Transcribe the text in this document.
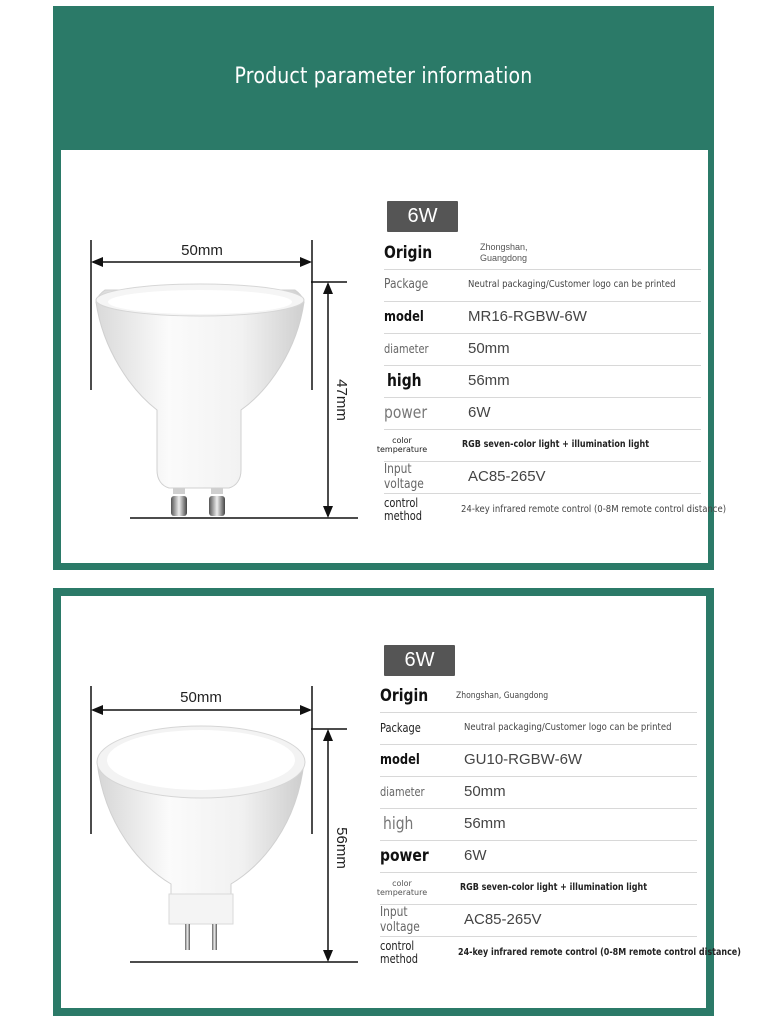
Product parameter information
50mm
47mm
6W
Origin	Zhongshan,
Guangdong
Package	Neutral packaging/Customer logo can be printed
model	MR16-RGBW-6W
diameter	50mm
high	56mm
power	6W
color
temperature	RGB seven-color light + illumination light
Input voltage	AC85-265V
control method	24-key infrared remote control (0-8M remote control distance)
50mm
56mm
6W
Origin	Zhongshan, Guangdong
Package	Neutral packaging/Customer logo can be printed
model	GU10-RGBW-6W
diameter	50mm
high	56mm
power	6W
color
temperature	RGB seven-color light + illumination light
Input voltage	AC85-265V
control method	24-key infrared remote control (0-8M remote control distance)
